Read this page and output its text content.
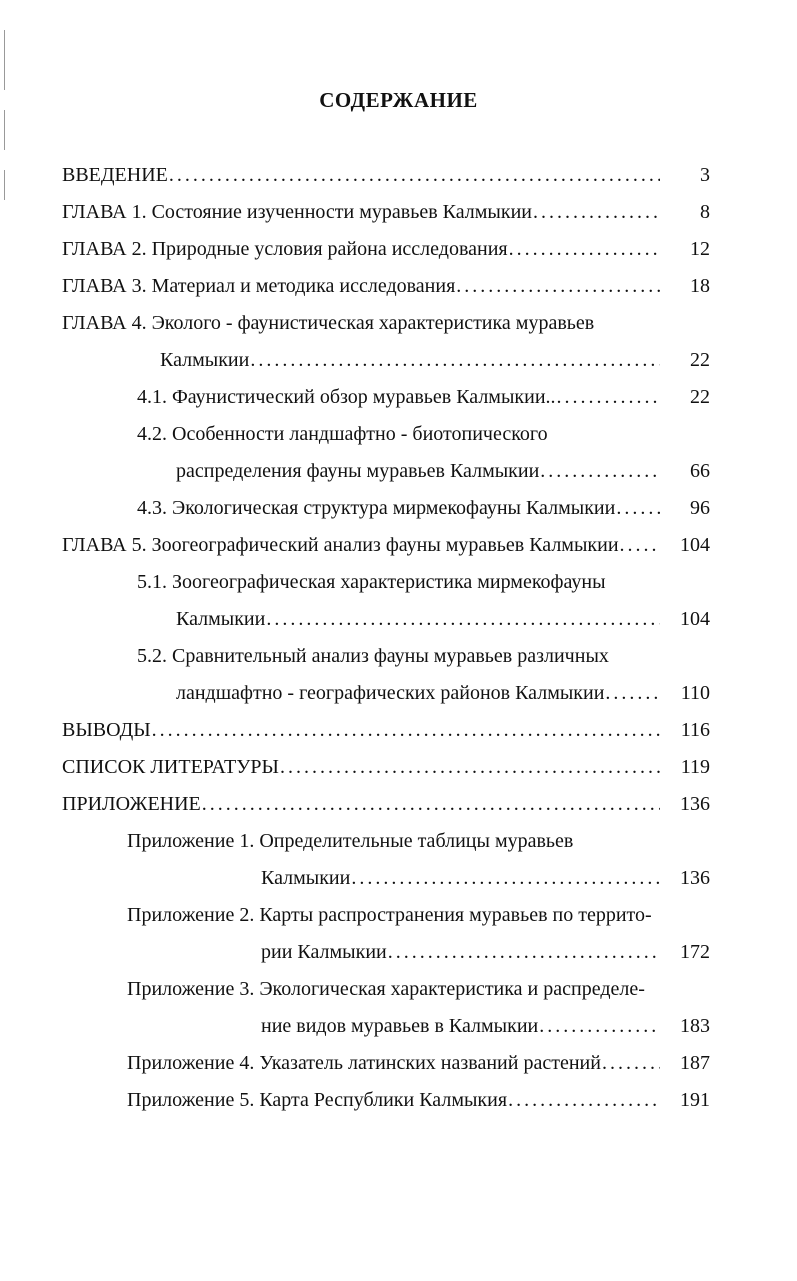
СОДЕРЖАНИЕ
ВВЕДЕНИЕ . . .	3
ГЛАВА 1. Состояние изученности муравьев Калмыкии . . .	8
ГЛАВА 2. Природные условия района исследования . . .	12
ГЛАВА 3. Материал и методика исследования . . .	18
ГЛАВА 4. Эколого - фаунистическая характеристика муравьев
Калмыкии . . .	22
4.1. Фаунистический обзор муравьев Калмыкии.. . . .	22
4.2. Особенности ландшафтно - биотопического
распределения фауны муравьев Калмыкии . . .	66
4.3. Экологическая структура мирмекофауны Калмыкии . . .	96
ГЛАВА 5. Зоогеографический анализ фауны муравьев Калмыкии . . .	104
5.1. Зоогеографическая характеристика мирмекофауны
Калмыкии . . .	104
5.2. Сравнительный анализ фауны муравьев различных
ландшафтно - географических районов Калмыкии . . .	110
ВЫВОДЫ . . .	116
СПИСОК ЛИТЕРАТУРЫ . . .	119
ПРИЛОЖЕНИЕ . . .	136
Приложение 1. Определительные таблицы муравьев
Калмыкии . . .	136
Приложение 2. Карты распространения муравьев по террито-
рии Калмыкии . . .	172
Приложение 3. Экологическая характеристика и распределе-
ние видов муравьев в Калмыкии . . .	183
Приложение 4. Указатель латинских названий растений . . .	187
Приложение 5. Карта Республики Калмыкия . . .	191
